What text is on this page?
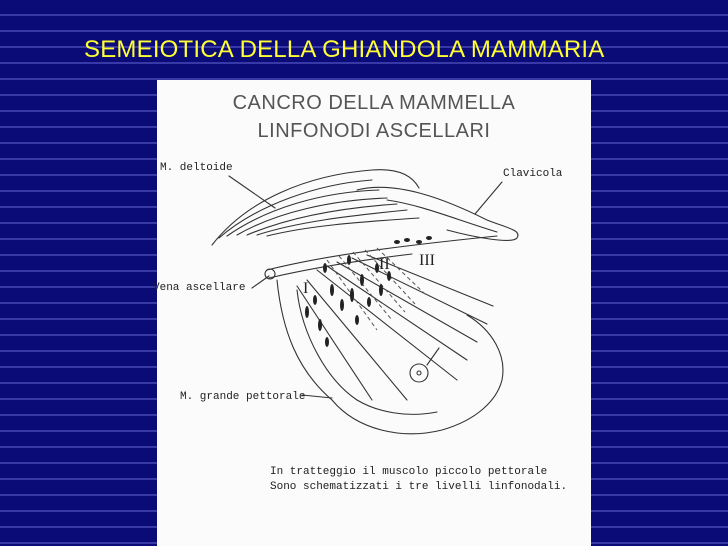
SEMEIOTICA DELLA GHIANDOLA MAMMARIA
CANCRO DELLA MAMMELLA
LINFONODI ASCELLARI
I
II III
M. deltoide	Clavicola
Vena ascellare
M. grande pettorale
In tratteggio il muscolo piccolo pettorale
Sono schematizzati i tre livelli linfonodali.
